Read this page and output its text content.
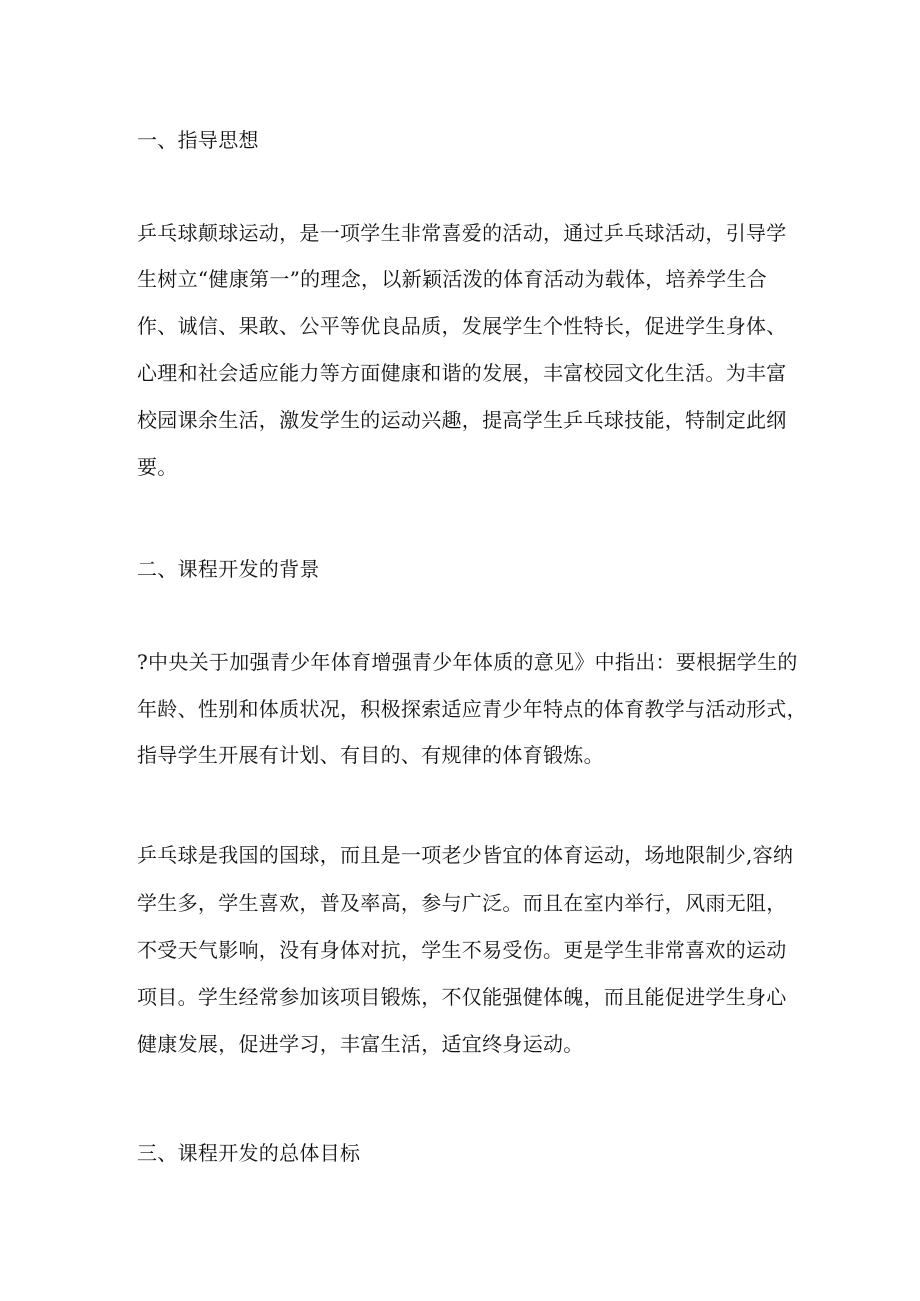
一、指导思想
乒乓球颠球运动，是一项学生非常喜爱的活动，通过乒乓球活动，引导学
生树立“健康第一”的理念，以新颖活泼的体育活动为载体，培养学生合
作、诚信、果敢、公平等优良品质，发展学生个性特长，促进学生身体、
心理和社会适应能力等方面健康和谐的发展，丰富校园文化生活。为丰富
校园课余生活，激发学生的运动兴趣，提高学生乒乓球技能，特制定此纲
要。
二、课程开发的背景
?中央关于加强青少年体育增强青少年体质的意见》中指出：要根据学生的
年龄、性别和体质状况，积极探索适应青少年特点的体育教学与活动形式，
指导学生开展有计划、有目的、有规律的体育锻炼。
乒乓球是我国的国球，而且是一项老少皆宜的体育运动，场地限制少,容纳
学生多，学生喜欢，普及率高，参与广泛。而且在室内举行，风雨无阻，
不受天气影响，没有身体对抗，学生不易受伤。更是学生非常喜欢的运动
项目。学生经常参加该项目锻炼，不仅能强健体魄，而且能促进学生身心
健康发展，促进学习，丰富生活，适宜终身运动。
三、课程开发的总体目标
